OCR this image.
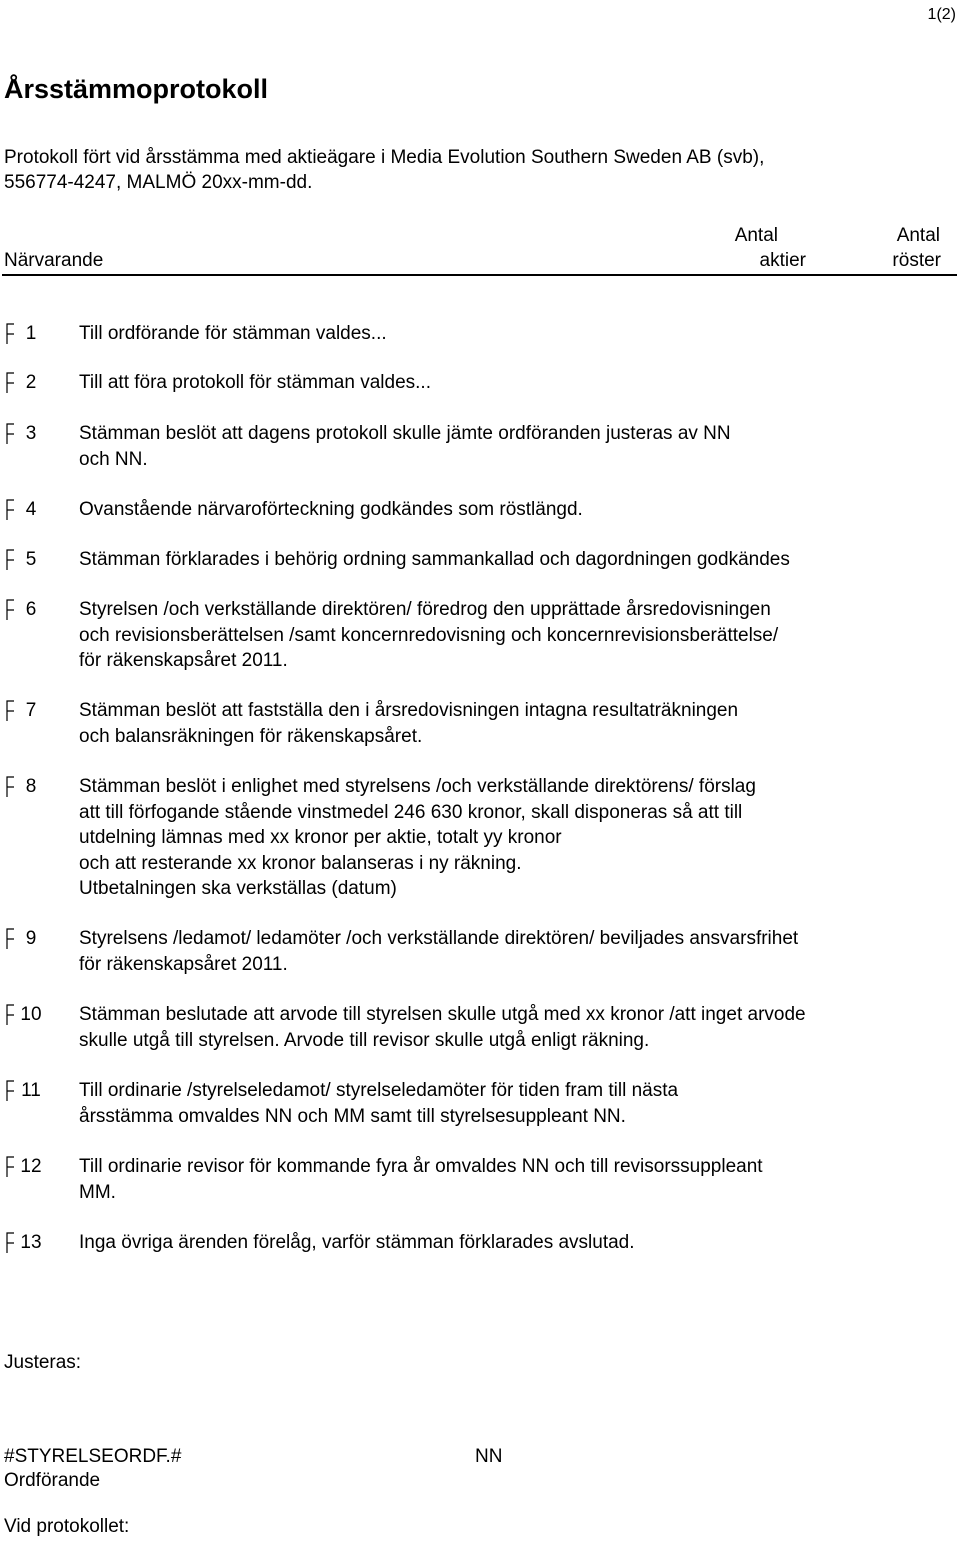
1(2)
Årsstämmoprotokoll
Protokoll fört vid årsstämma med aktieägare i Media Evolution Southern Sweden AB (svb),
556774-4247, MALMÖ 20xx-mm-dd.
Närvarande
Antal
aktier
Antal
röster
1	Till ordförande för stämman valdes...
2	Till att föra protokoll för stämman valdes...
3	Stämman beslöt att dagens protokoll skulle jämte ordföranden justeras av NN
och NN.
4	Ovanstående närvaroförteckning godkändes som röstlängd.
5	Stämman förklarades i behörig ordning sammankallad och dagordningen godkändes
6	Styrelsen /och verkställande direktören/ föredrog den upprättade årsredovisningen
och revisionsberättelsen /samt koncernredovisning och koncernrevisionsberättelse/
för räkenskapsåret 2011.
7	Stämman beslöt att fastställa den i årsredovisningen intagna resultaträkningen
och balansräkningen för räkenskapsåret.
8	Stämman beslöt i enlighet med styrelsens /och verkställande direktörens/ förslag
att till förfogande stående vinstmedel 246 630 kronor, skall disponeras så att till
utdelning lämnas med xx kronor per aktie, totalt yy kronor
och att resterande xx kronor balanseras i ny räkning.
Utbetalningen ska verkställas (datum)
9	Styrelsens /ledamot/ ledamöter /och verkställande direktören/ beviljades ansvarsfrihet
för räkenskapsåret 2011.
10 Stämman beslutade att arvode till styrelsen skulle utgå med xx kronor /att inget arvode
skulle utgå till styrelsen. Arvode till revisor skulle utgå enligt räkning.
11 Till ordinarie /styrelseledamot/ styrelseledamöter för tiden fram till nästa
årsstämma omvaldes NN och MM samt till styrelsesuppleant NN.
12 Till ordinarie revisor för kommande fyra år omvaldes NN och till revisorssuppleant
MM.
13 Inga övriga ärenden förelåg, varför stämman förklarades avslutad.
Justeras:
#STYRELSEORDF.#	NN
Ordförande
Vid protokollet:
